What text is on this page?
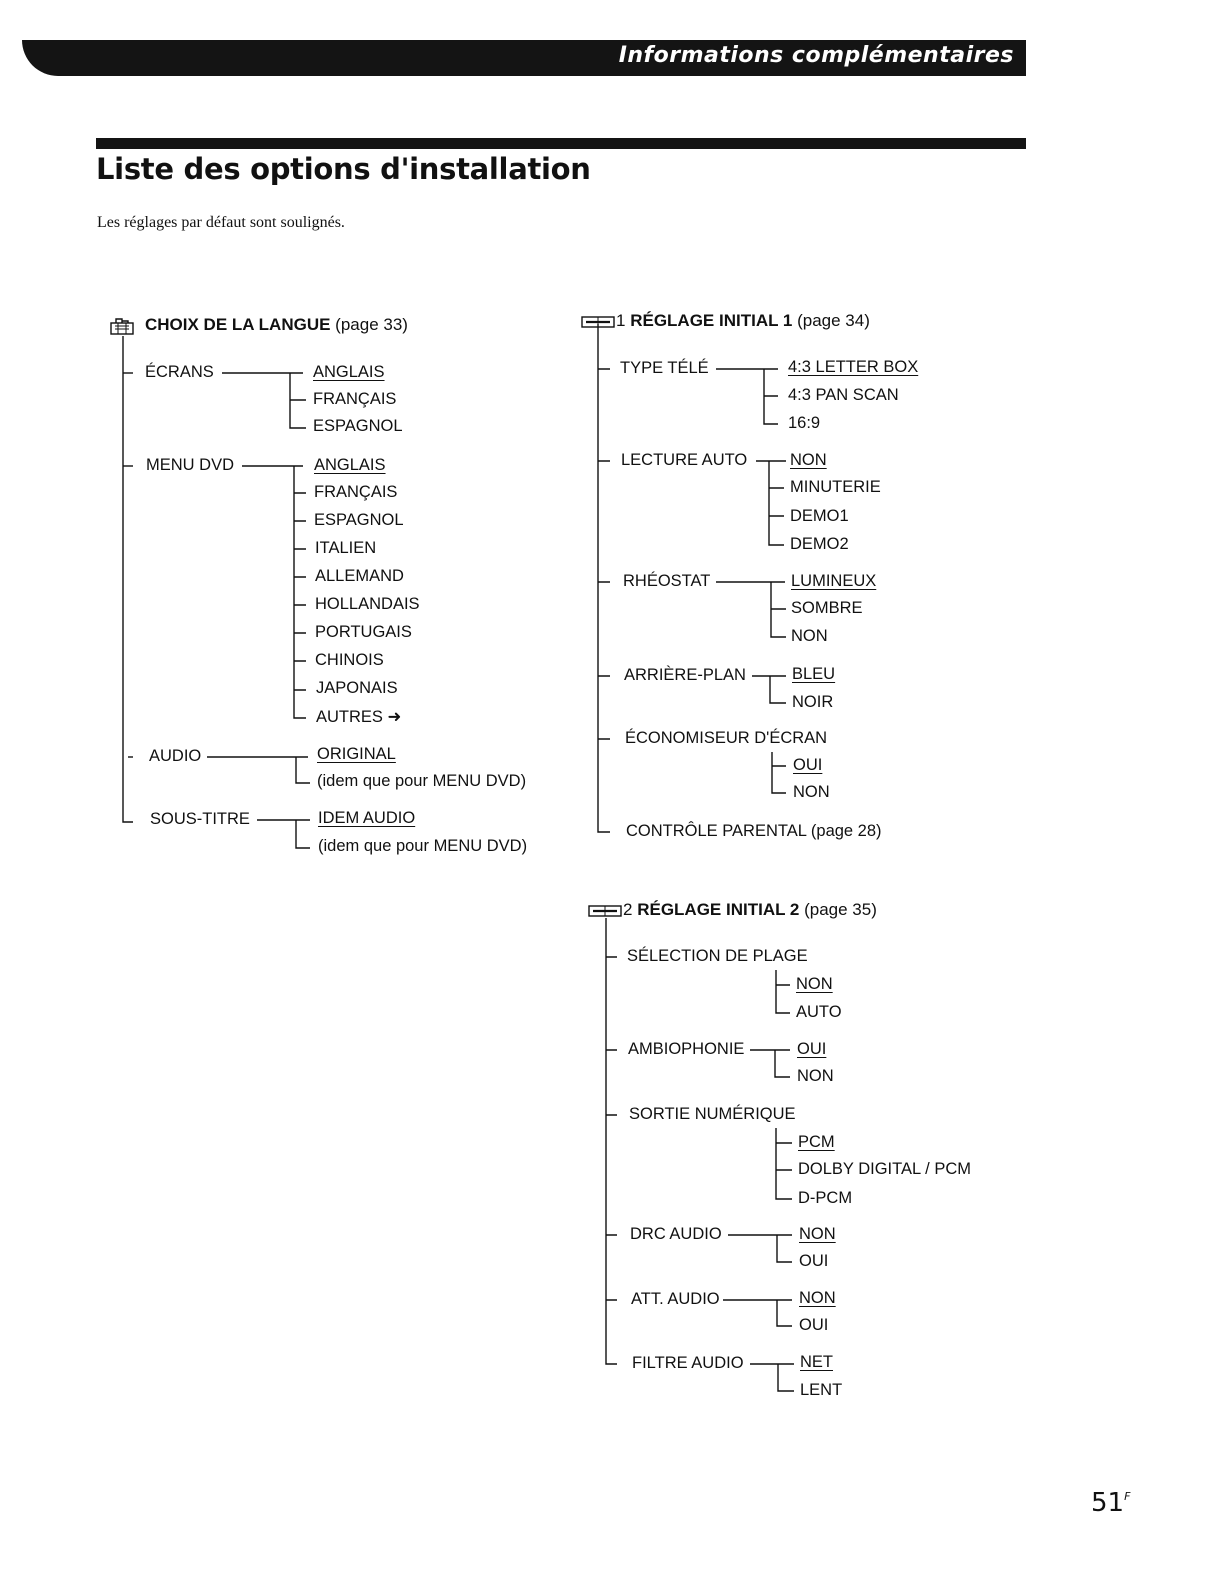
Informations complémentaires
Liste des options d'installation
Les réglages par défaut sont soulignés.
CHOIX DE LA LANGUE (page 33)
ÉCRANS	ANGLAIS
FRANÇAIS
ESPAGNOL
MENU DVD	ANGLAIS
FRANÇAIS
ESPAGNOL
ITALIEN
ALLEMAND
HOLLANDAIS
PORTUGAIS
CHINOIS
JAPONAIS
AUTRES ➜
AUDIO	ORIGINAL
(idem que pour MENU DVD)
SOUS-TITRE	IDEM AUDIO
(idem que pour MENU DVD)
1 RÉGLAGE INITIAL 1 (page 34)
TYPE TÉLÉ	4:3 LETTER BOX
4:3 PAN SCAN
16:9
LECTURE AUTO	NON
MINUTERIE
DEMO1
DEMO2
RHÉOSTAT	LUMINEUX
SOMBRE
NON
ARRIÈRE-PLAN	BLEU
NOIR
ÉCONOMISEUR D'ÉCRAN
OUI
NON
CONTRÔLE PARENTAL (page 28)
2 RÉGLAGE INITIAL 2 (page 35)
SÉLECTION DE PLAGE
NON
AUTO
AMBIOPHONIE	OUI
NON
SORTIE NUMÉRIQUE
PCM
DOLBY DIGITAL / PCM
D-PCM
DRC AUDIO	NON
OUI
ATT. AUDIO	NON
OUI
FILTRE AUDIO	NET
LENT
$51^F$
